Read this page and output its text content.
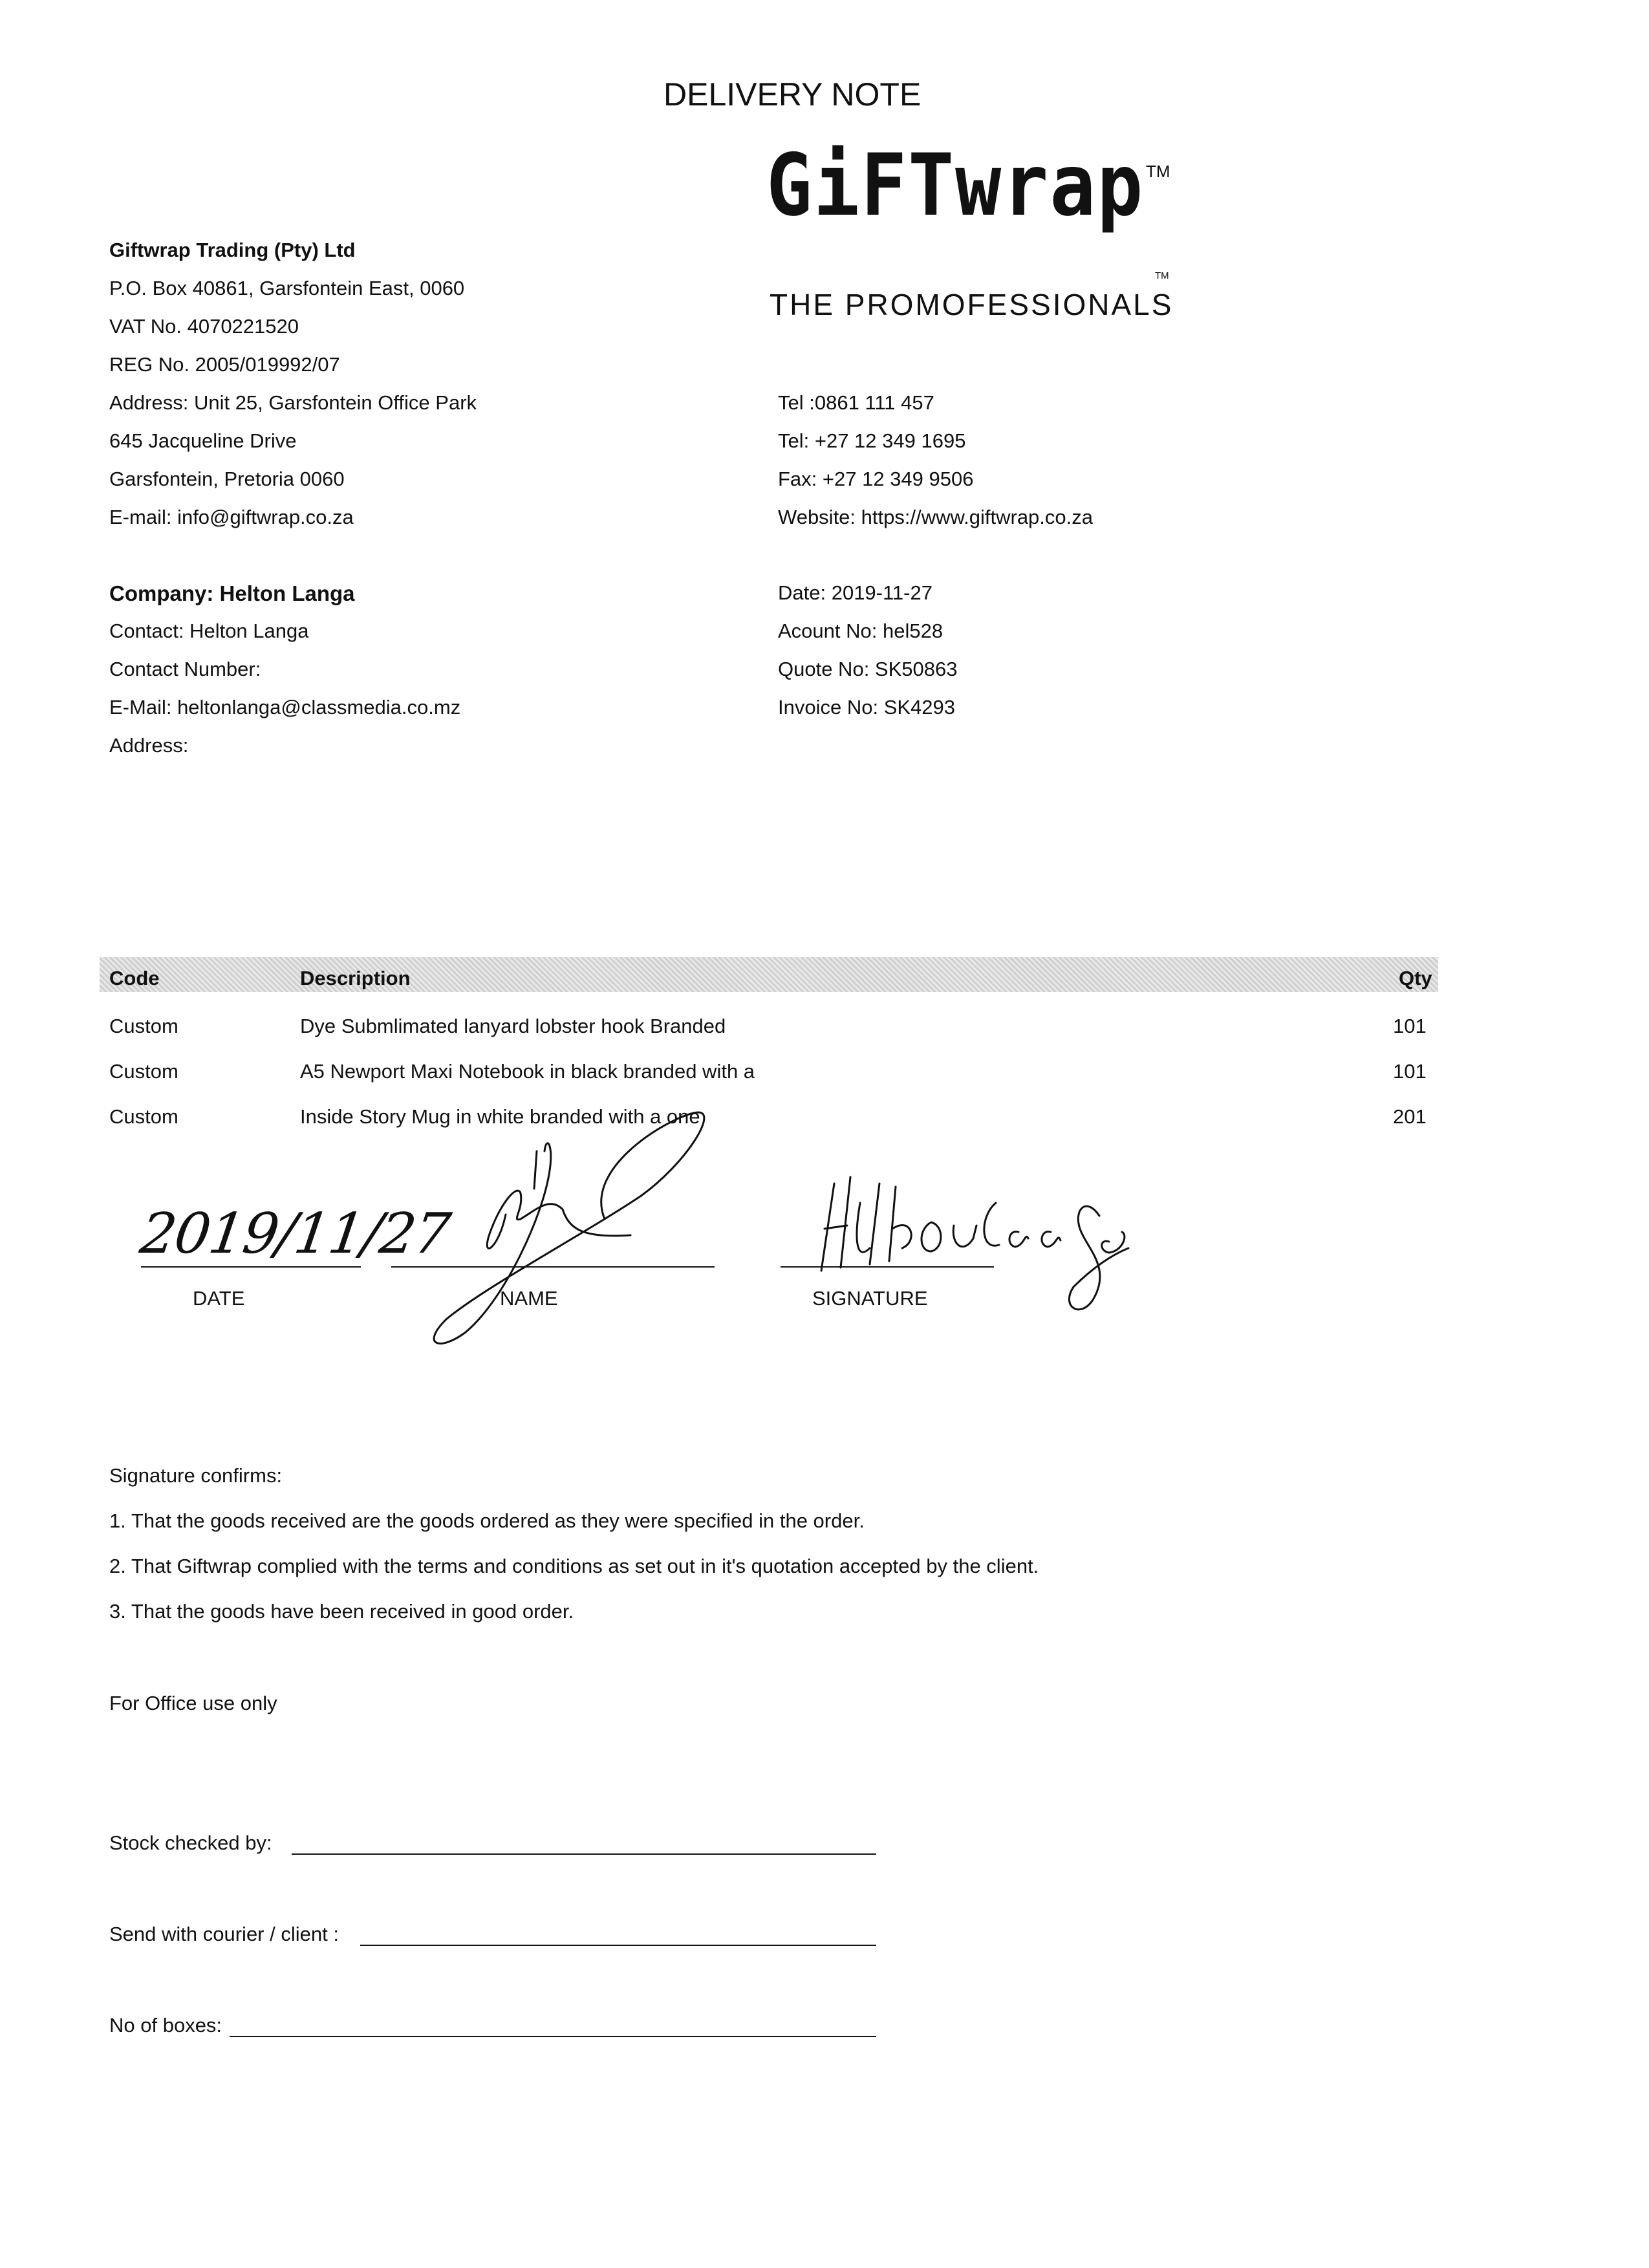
DELIVERY NOTE
GiFTwrap TM
THE PROMOFESSIONALS
TM
Giftwrap Trading (Pty) Ltd
P.O. Box 40861, Garsfontein East, 0060
VAT No. 4070221520
REG No. 2005/019992/07
Address: Unit 25, Garsfontein Office Park
645 Jacqueline Drive
Garsfontein, Pretoria 0060
E-mail: info@giftwrap.co.za
Tel :0861 111 457
Tel: +27 12 349 1695
Fax: +27 12 349 9506
Website: https://www.giftwrap.co.za
Company: Helton Langa
Contact: Helton Langa
Contact Number:
E-Mail: heltonlanga@classmedia.co.mz
Address:
Date: 2019-11-27
Acount No: hel528
Quote No: SK50863
Invoice No: SK4293
Code	Description	Qty
Custom	Dye Submlimated lanyard lobster hook Branded	101
Custom	A5 Newport Maxi Notebook in black branded with a	101
Custom	Inside Story Mug in white branded with a one	201
2019/11/27
DATE	NAME	SIGNATURE
Signature confirms:
1. That the goods received are the goods ordered as they were specified in the order.
2. That Giftwrap complied with the terms and conditions as set out in it's quotation accepted by the client.
3. That the goods have been received in good order.
For Office use only
Stock checked by:
Send with courier / client :
No of boxes:
